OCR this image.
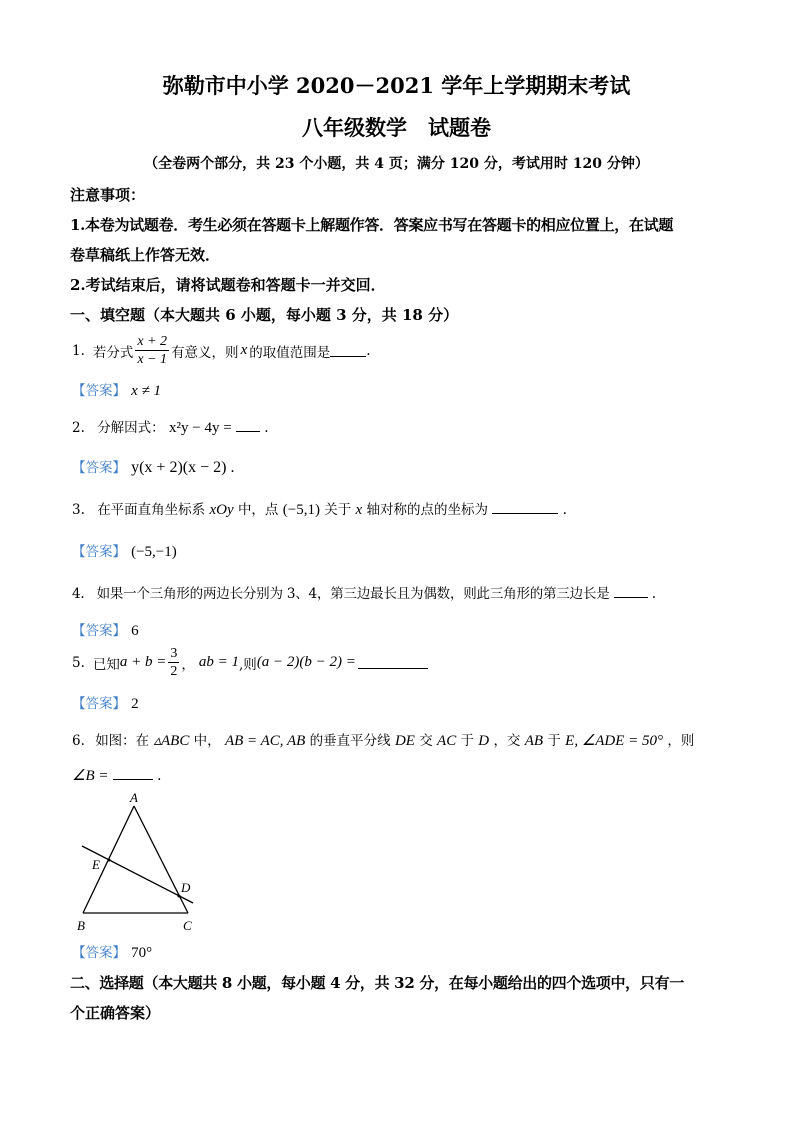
弥勒市中小学 2020－2021 学年上学期期末考试
八年级数学　试题卷
（全卷两个部分，共 23 个小题，共 4 页；满分 120 分，考试用时 120 分钟）
注意事项：
1.本卷为试题卷．考生必须在答题卡上解题作答．答案应书写在答题卡的相应位置上，在试题
卷草稿纸上作答无效．
2.考试结束后，请将试题卷和答题卡一并交回．
一、填空题（本大题共 6 小题，每小题 3 分，共 18 分）
1. 若分式 $\frac{x + 2}{x - 1}$ 有意义，则 x 的取值范围是	.
【答案】 x ≠ 1
2. 分解因式： x²y − 4y = .
【答案】 y(x + 2)(x − 2) .
3. 在平面直角坐标系 xOy 中，点 (−5,1) 关于 x 轴对称的点的坐标为	.
【答案】 (−5,−1)
4. 如果一个三角形的两边长分别为 3、4，第三边最长且为偶数，则此三角形的第三边长是	.
【答案】 6
5. 已知 $a + b = \frac{3}{2}$ ， ab = 1 ,则 (a − 2)(b − 2) =
【答案】 2
6. 如图：在 ▵ABC 中， AB = AC, AB 的垂直平分线 DE 交 AC 于 D ，交 AB 于 E, ∠ADE = 50° ，则
∠B =	.
A
B	C
D
E
【答案】 70°
二、选择题（本大题共 8 小题，每小题 4 分，共 32 分，在每小题给出的四个选项中，只有一
个正确答案）
